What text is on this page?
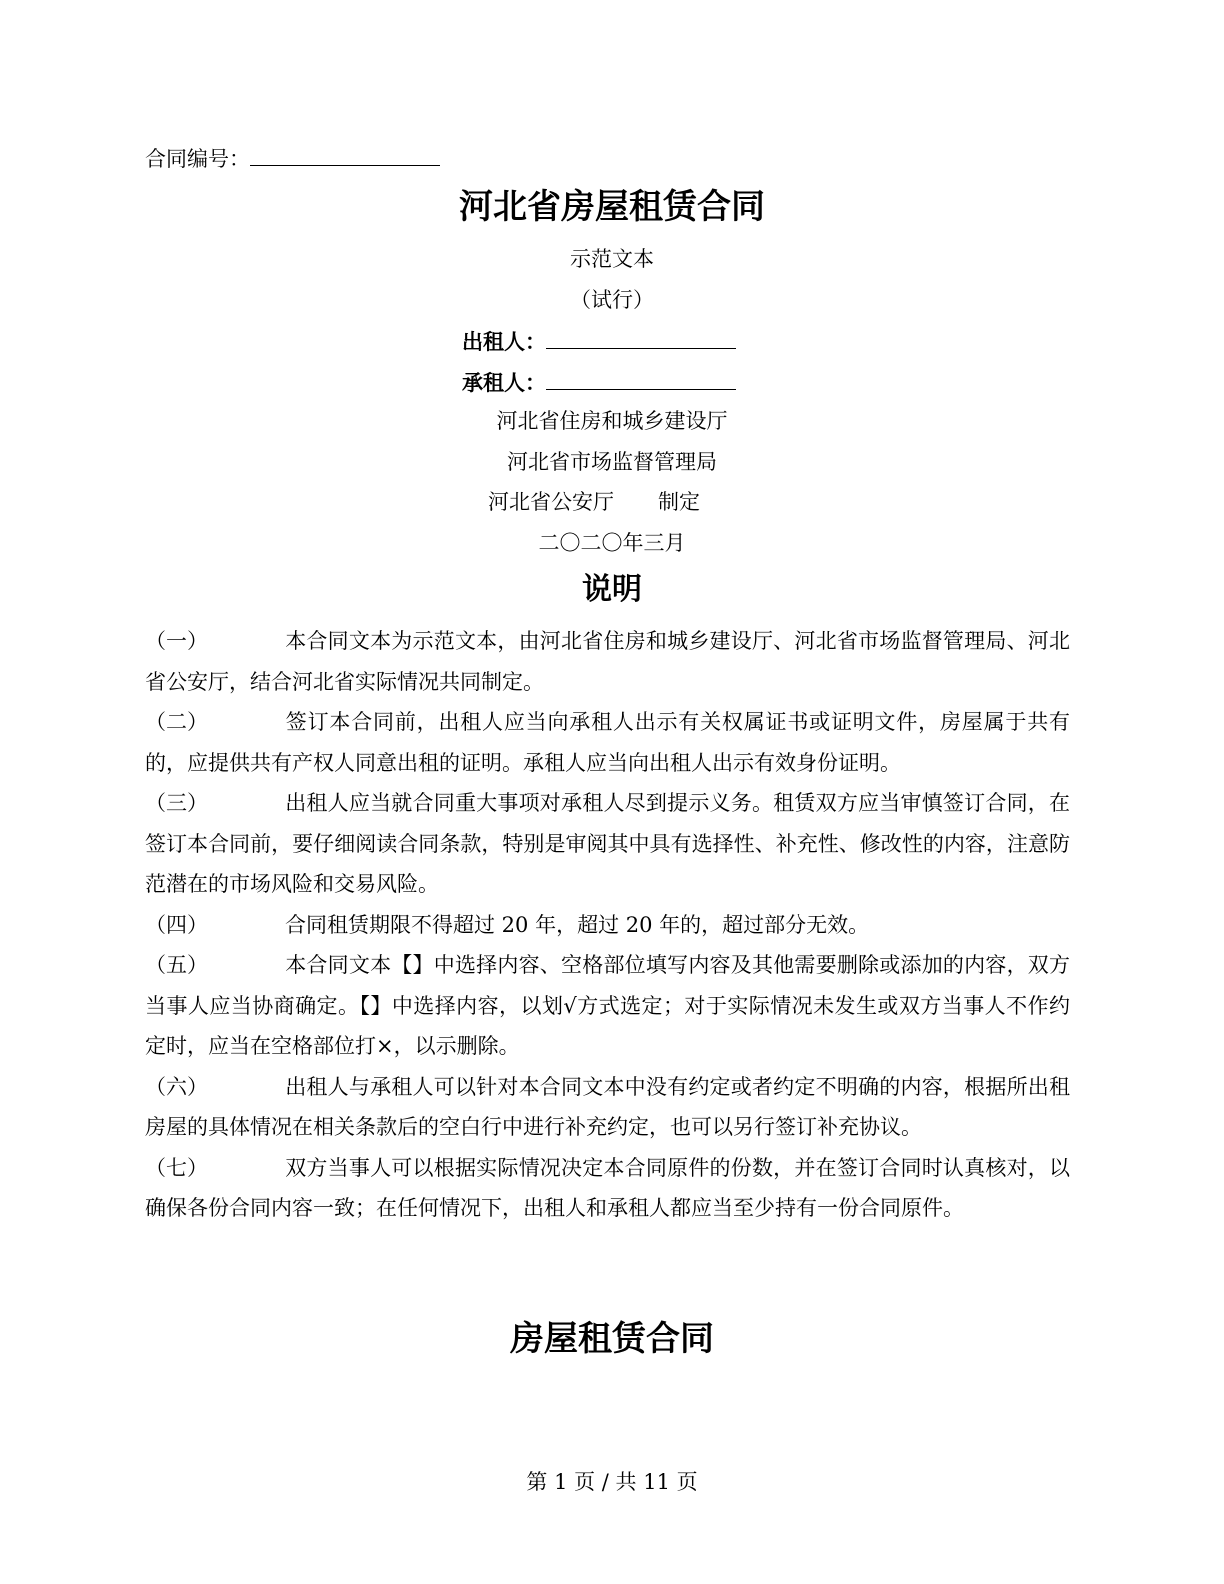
合同编号：
河北省房屋租赁合同
示范文本
（试行）
出租人：
承租人：
河北省住房和城乡建设厅
河北省市场监督管理局
河北省公安厅 制定
二〇二〇年三月
说明

（一）	本合同文本为示范文本，由河北省住房和城乡建设厅、河北省市场监督管理局、河北省公安厅，结合河北省实际情况共同制定。

（二）	签订本合同前，出租人应当向承租人出示有关权属证书或证明文件，房屋属于共有的，应提供共有产权人同意出租的证明。承租人应当向出租人出示有效身份证明。

（三）	出租人应当就合同重大事项对承租人尽到提示义务。租赁双方应当审慎签订合同，在签订本合同前，要仔细阅读合同条款，特别是审阅其中具有选择性、补充性、修改性的内容，注意防范潜在的市场风险和交易风险。

（四）	合同租赁期限不得超过 20 年，超过 20 年的，超过部分无效。

（五）	本合同文本【】中选择内容、空格部位填写内容及其他需要删除或添加的内容，双方当事人应当协商确定。【】中选择内容，以划√方式选定；对于实际情况未发生或双方当事人不作约定时，应当在空格部位打×，以示删除。

（六）	出租人与承租人可以针对本合同文本中没有约定或者约定不明确的内容，根据所出租房屋的具体情况在相关条款后的空白行中进行补充约定，也可以另行签订补充协议。

（七）	双方当事人可以根据实际情况决定本合同原件的份数，并在签订合同时认真核对，以确保各份合同内容一致；在任何情况下，出租人和承租人都应当至少持有一份合同原件。

房屋租赁合同
第 1 页 / 共 11 页
